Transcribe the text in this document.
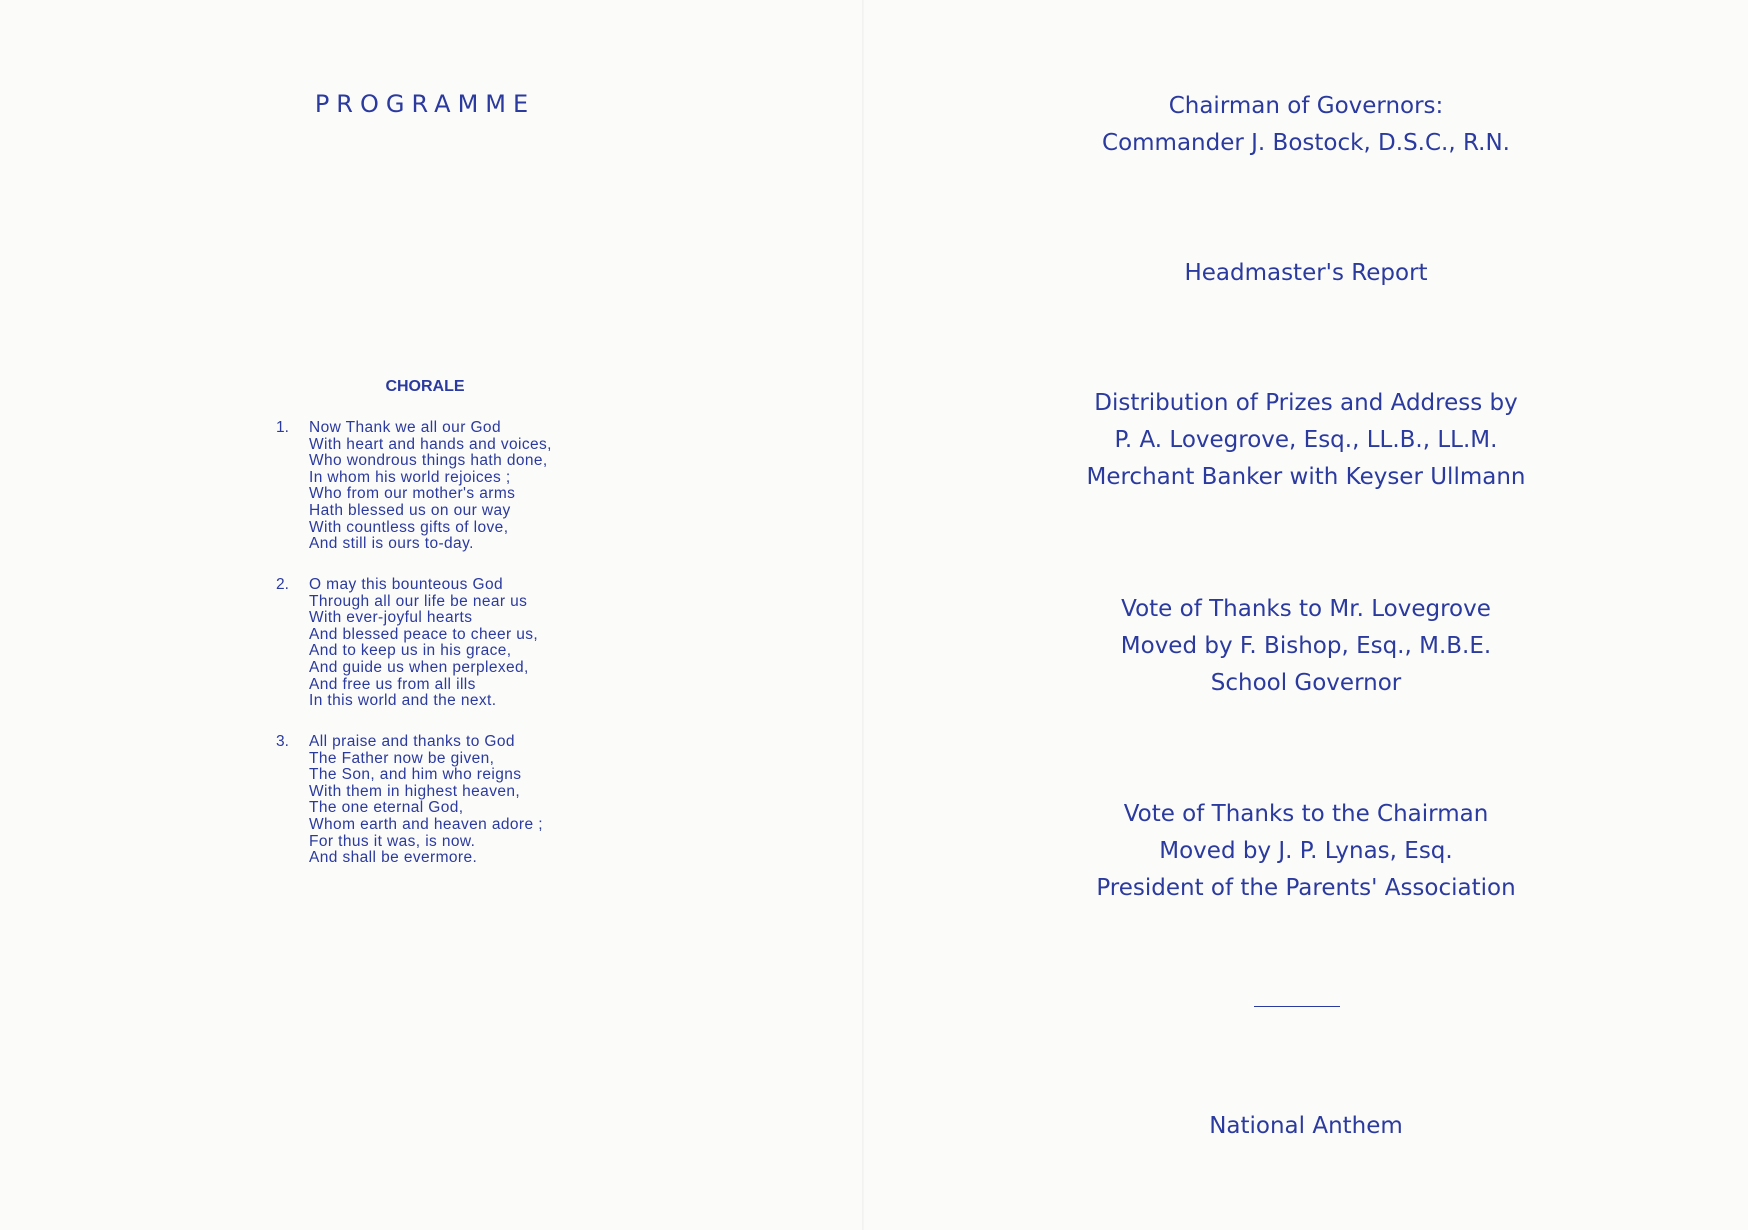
PROGRAMME
CHORALE
1.	Now Thank we all our God
With heart and hands and voices,
Who wondrous things hath done,
In whom his world rejoices ;
Who from our mother's arms
Hath blessed us on our way
With countless gifts of love,
And still is ours to-day.
2.	O may this bounteous God
Through all our life be near us
With ever-joyful hearts
And blessed peace to cheer us,
And to keep us in his grace,
And guide us when perplexed,
And free us from all ills
In this world and the next.
3.	All praise and thanks to God
The Father now be given,
The Son, and him who reigns
With them in highest heaven,
The one eternal God,
Whom earth and heaven adore ;
For thus it was, is now.
And shall be evermore.
Chairman of Governors:
Commander J. Bostock, D.S.C., R.N.
Headmaster's Report
Distribution of Prizes and Address by
P. A. Lovegrove, Esq., LL.B., LL.M.
Merchant Banker with Keyser Ullmann
Vote of Thanks to Mr. Lovegrove
Moved by F. Bishop, Esq., M.B.E.
School Governor
Vote of Thanks to the Chairman
Moved by J. P. Lynas, Esq.
President of the Parents' Association
National Anthem
